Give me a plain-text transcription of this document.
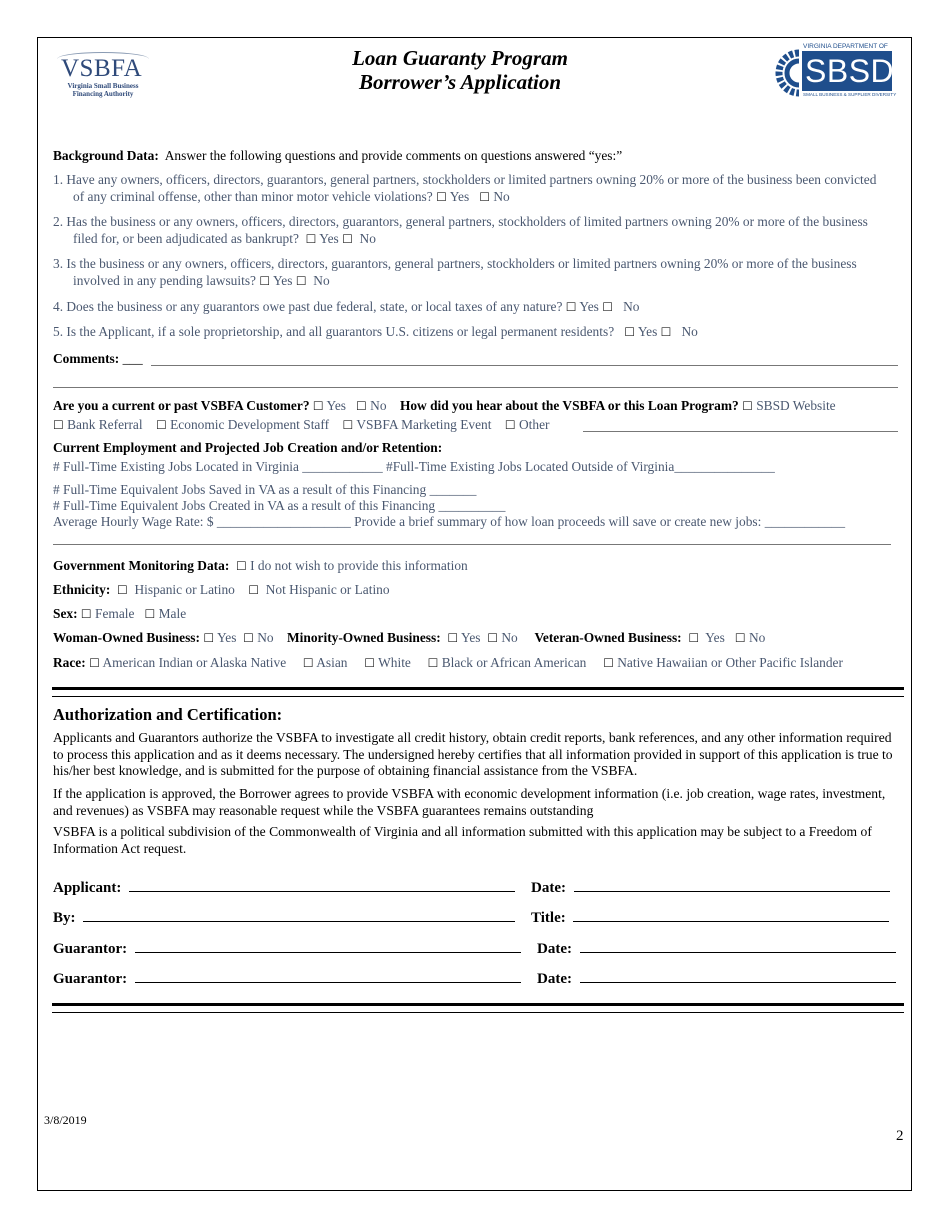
VSBFA
Virginia Small Business Financing Authority
Loan Guaranty Program
Borrower’s Application
VIRGINIA DEPARTMENT OF
SBSD
SMALL BUSINESS & SUPPLIER DIVERSITY
Background Data: Answer the following questions and provide comments on questions answered “yes:”
1. Have any owners, officers, directors, guarantors, general partners, stockholders or limited partners owning 20% or more of the business been convicted
of any criminal offense, other than minor motor vehicle violations? ☐ Yes ☐ No
2. Has the business or any owners, officers, directors, guarantors, general partners, stockholders of limited partners owning 20% or more of the business
filed for, or been adjudicated as bankrupt? ☐ Yes ☐ No
3. Is the business or any owners, officers, directors, guarantors, general partners, stockholders or limited partners owning 20% or more of the business
involved in any pending lawsuits? ☐ Yes ☐ No
4. Does the business or any guarantors owe past due federal, state, or local taxes of any nature? ☐ Yes ☐ No
5. Is the Applicant, if a sole proprietorship, and all guarantors U.S. citizens or legal permanent residents? ☐ Yes ☐ No
Comments: ___
Are you a current or past VSBFA Customer? ☐ Yes ☐ No How did you hear about the VSBFA or this Loan Program? ☐ SBSD Website
☐ Bank Referral ☐ Economic Development Staff ☐ VSBFA Marketing Event ☐ Other
Current Employment and Projected Job Creation and/or Retention:
# Full-Time Existing Jobs Located in Virginia ____________ #Full-Time Existing Jobs Located Outside of Virginia_______________
# Full-Time Equivalent Jobs Saved in VA as a result of this Financing _______
# Full-Time Equivalent Jobs Created in VA as a result of this Financing __________
Average Hourly Wage Rate: $ ____________________ Provide a brief summary of how loan proceeds will save or create new jobs: ____________
Government Monitoring Data: ☐ I do not wish to provide this information
Ethnicity: ☐ Hispanic or Latino ☐ Not Hispanic or Latino
Sex: ☐ Female ☐ Male
Woman-Owned Business: ☐ Yes ☐ No Minority-Owned Business: ☐ Yes ☐ No Veteran-Owned Business: ☐ Yes ☐ No
Race: ☐ American Indian or Alaska Native ☐ Asian ☐ White ☐ Black or African American ☐ Native Hawaiian or Other Pacific Islander
Authorization and Certification:
Applicants and Guarantors authorize the VSBFA to investigate all credit history, obtain credit reports, bank references, and any other information required to process this application and as it deems necessary. The undersigned hereby certifies that all information provided in support of this application is true to his/her best knowledge, and is submitted for the purpose of obtaining financial assistance from the VSBFA.
If the application is approved, the Borrower agrees to provide VSBFA with economic development information (i.e. job creation, wage rates, investment, and revenues) as VSBFA may reasonable request while the VSBFA guarantees remains outstanding
VSBFA is a political subdivision of the Commonwealth of Virginia and all information submitted with this application may be subject to a Freedom of Information Act request.
Applicant:	Date:
By:	Title:
Guarantor:	Date:
Guarantor:	Date:
3/8/2019
2
